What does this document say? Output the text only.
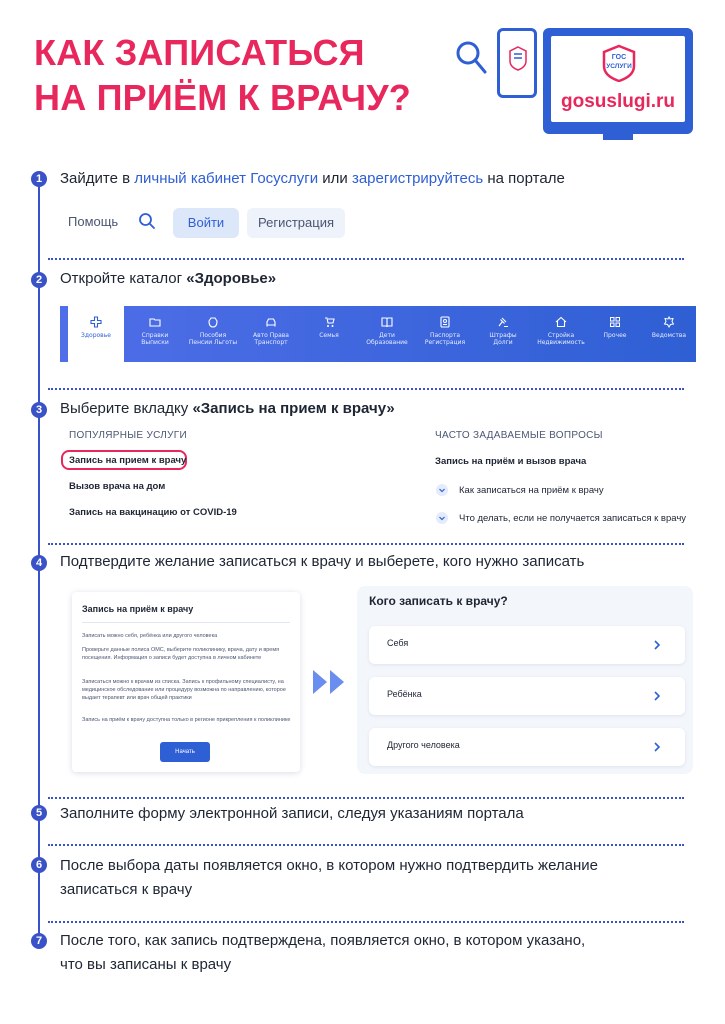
КАК ЗАПИСАТЬСЯ
НА ПРИЁМ К ВРАЧУ?
ГОС
УСЛУГИ
gosuslugi.ru
1	Зайдите в личный кабинет Госуслуги или зарегистрируйтесь на портале
Помощь	Войти	Регистрация
2	Откройте каталог «Здоровье»
Здоровье	Справки
Выписки
Пособия
Пенсии Льготы
Авто Права
Транспорт
Семья	Дети
Образование
Паспорта
Регистрация
Штрафы
Долги
Стройка
Недвижимость
Прочее	Ведомства
3	Выберите вкладку «Запись на прием к врачу»
ПОПУЛЯРНЫЕ УСЛУГИ
Запись на прием к врачу
Вызов врача на дом
Запись на вакцинацию от COVID-19
ЧАСТО ЗАДАВАЕМЫЕ ВОПРОСЫ
Запись на приём и вызов врача
Как записаться на приём к врачу
Что делать, если не получается записаться к врачу
4	Подтвердите желание записаться к врачу и выберете, кого нужно записать
Запись на приём к врачу
Записать можно себя, ребёнка или другого человека
Проверьте данные полиса ОМС, выберите поликлинику, врача, дату и время посещения. Информация о записи будет доступна в личном кабинете
Записаться можно к врачам из списка. Запись к профильному специалисту, на медицинское обследование или процедуру возможна по направлению, которое выдает терапевт или врач общей практики
Запись на приём к врачу доступна только в регионе прикрепления к поликлинике
Начать
Кого записать к врачу?
Себя
Ребёнка
Другого человека
5	Заполните форму электронной записи, следуя указаниям портала
6	После выбора даты появляется окно, в котором нужно подтвердить желание
записаться к врачу
7	После того, как запись подтверждена, появляется окно, в котором указано,
что вы записаны к врачу
